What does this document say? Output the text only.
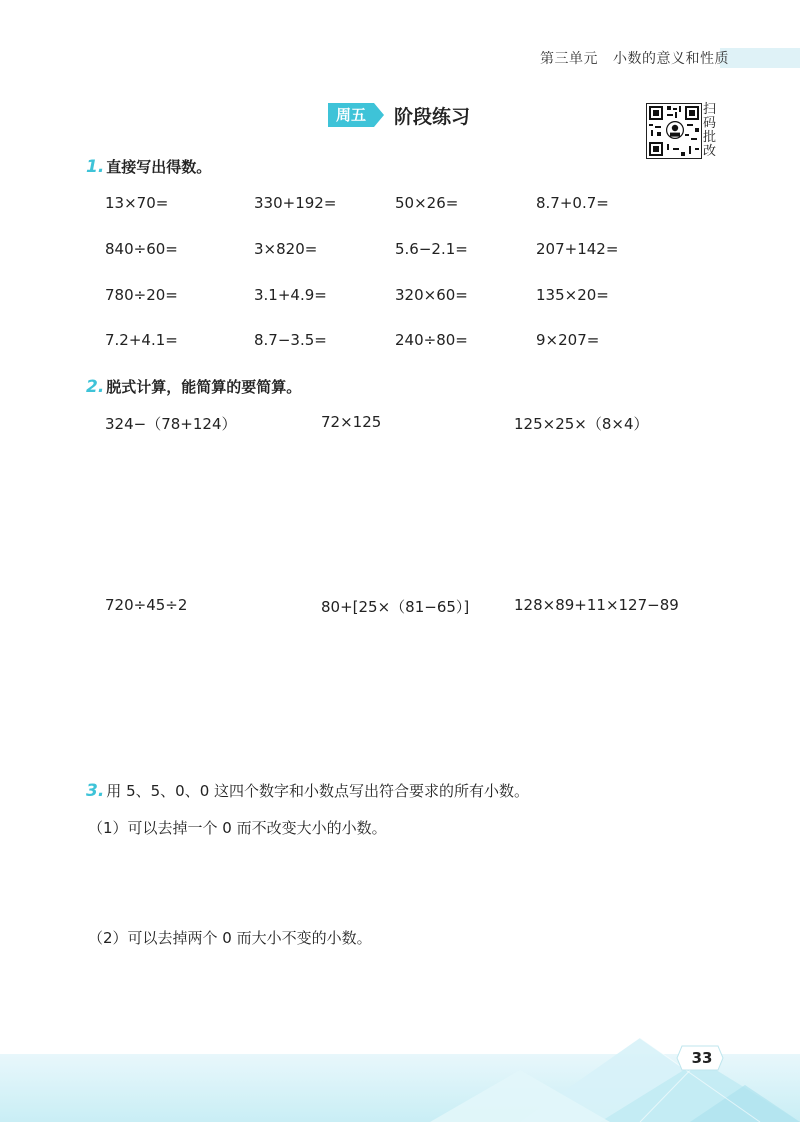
第三单元 小数的意义和性质
周五	阶段练习	扫
码
批
改
1. 直接写出得数。
13×70=	330+192=	50×26=	8.7+0.7=
840÷60=	3×820=	5.6−2.1=	207+142=
780÷20=	3.1+4.9=	320×60=	135×20=
7.2+4.1=	8.7−3.5=	240÷80=	9×207=
2. 脱式计算，能简算的要简算。
324−（78+124）	72×125	125×25×（8×4）
720÷45÷2	80+[25×（81−65）]	128×89+11×127−89
3. 用 5、5、0、0 这四个数字和小数点写出符合要求的所有小数。
（1）可以去掉一个 0 而不改变大小的小数。
（2）可以去掉两个 0 而大小不变的小数。
33
